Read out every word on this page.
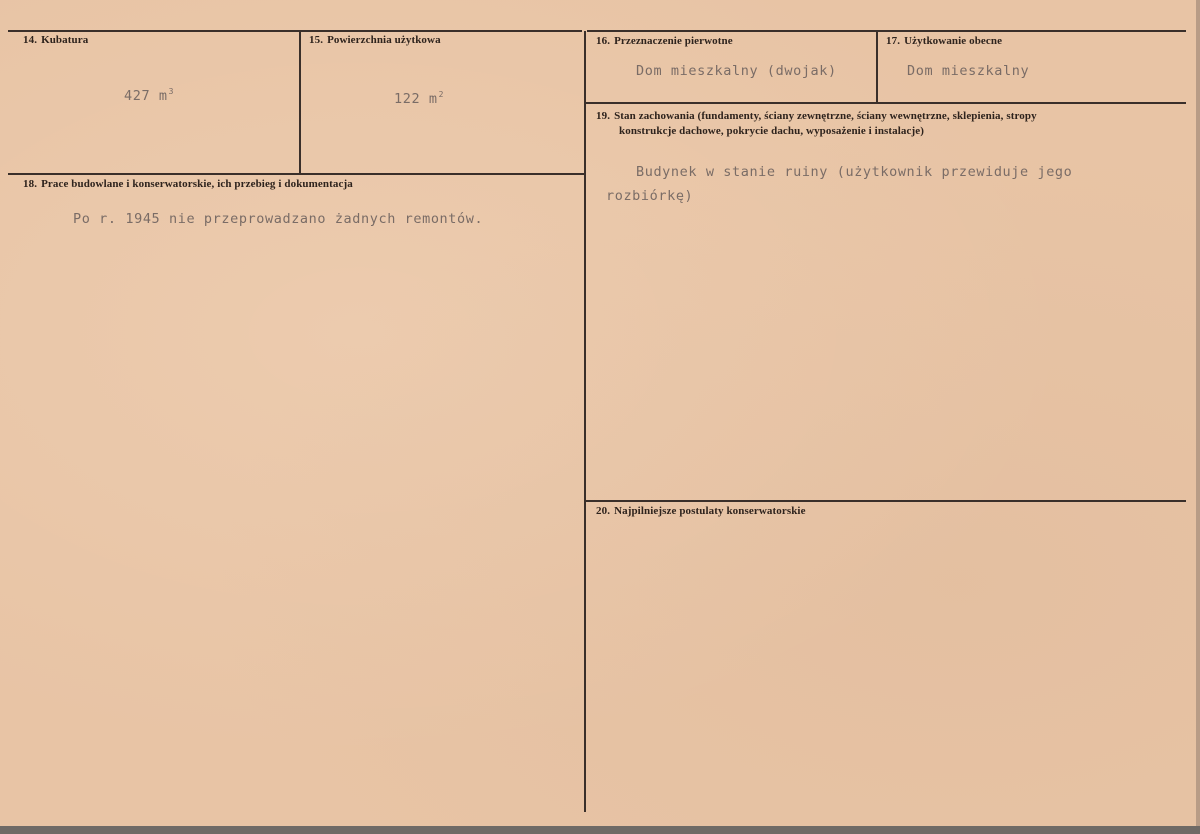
14. Kubatura
427 $m^3$
15. Powierzchnia użytkowa
122 $m^2$
16. Przeznaczenie pierwotne
Dom mieszkalny (dwojak)
17. Użytkowanie obecne
Dom mieszkalny
18. Prace budowlane i konserwatorskie, ich przebieg i dokumentacja
Po r. 1945 nie przeprowadzano żadnych remontów.
19. Stan zachowania (fundamenty, ściany zewnętrzne, ściany wewnętrzne, sklepienia, stropy
konstrukcje dachowe, pokrycie dachu, wyposażenie i instalacje)
Budynek w stanie ruiny (użytkownik przewiduje jego
rozbiórkę)
20. Najpilniejsze postulaty konserwatorskie
